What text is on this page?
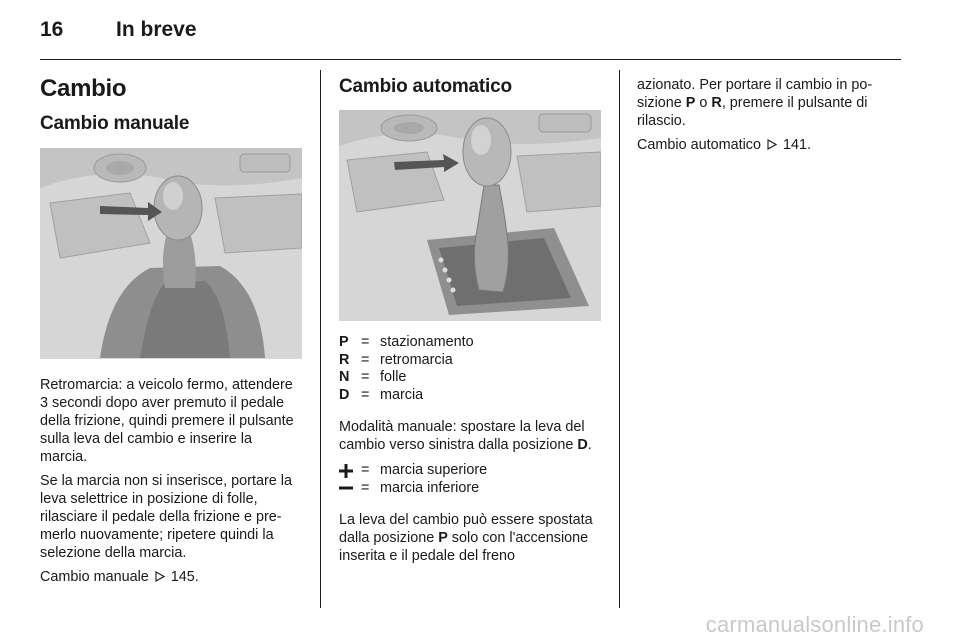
16	In breve
Cambio
Cambio manuale

Retromarcia: a veicolo fermo, attendere 3 secondi dopo aver premuto il pedale della frizione, quindi premere il pulsante sulla leva del cambio e inserire la marcia.

Se la marcia non si inserisce, portare la leva selettrice in posizione di folle, rilasciare il pedale della frizione e premerlo nuovamente; ripetere quindi la selezione della marcia.

Cambio manuale 145.

Cambio automatico
P = stazionamento
R = retromarcia
N = folle
D = marcia

Modalità manuale: spostare la leva del cambio verso sinistra dalla posizione D.

= marcia superiore
= marcia inferiore

La leva del cambio può essere spostata dalla posizione P solo con l'accensione inserita e il pedale del freno

azionato. Per portare il cambio in posizione P o R, premere il pulsante di rilascio.

Cambio automatico 141.

carmanualsonline.info
